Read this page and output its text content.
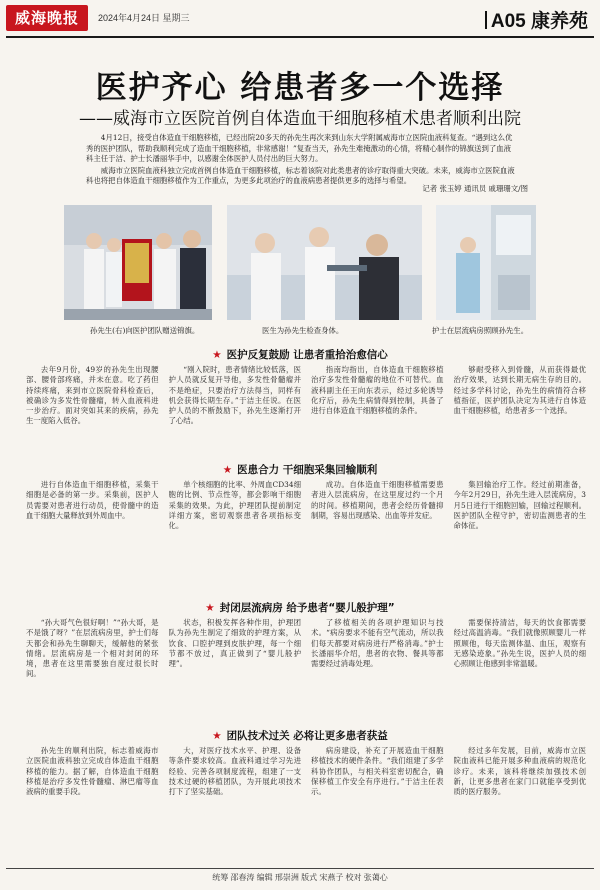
威海晚报	2024年4月24日 星期三	A05 康养苑
医护齐心 给患者多一个选择
——威海市立医院首例自体造血干细胞移植术患者顺利出院

4月12日，接受自体造血干细胞移植，已经出院20多天的孙先生再次来到山东大学附属威海市立医院血液科复查。“遇到这么优秀的医护团队，帮助我顺利完成了造血干细胞移植，非常感谢！”复查当天，孙先生难掩激动的心情，将精心制作的锦旗送到了血液科主任于洁、护士长潘丽华手中，以感谢全体医护人员付出的巨大努力。

威海市立医院血液科独立完成首例自体造血干细胞移植，标志着该院对此类患者的诊疗取得重大突破。未来，威海市立医院血液科也将把自体造血干细胞移植作为工作重点，为更多此项治疗的血液病患者提供更多的选择与希望。

记者 张玉婷 通讯员 戚珊珊文/图
孙先生(右)向医护团队赠送锦旗。	医生为孙先生检查身体。	护士在层流病房照顾孙先生。
★ 医护反复鼓励 让患者重拾治愈信心
去年9月份，49岁的孙先生出现腰部、腰骨部疼痛，并未在意。吃了药但持续疼痛，来到市立医院骨科检查后，被确诊为多发性骨髓瘤，转入血液科进一步治疗。面对突如其来的疾病，孙先生一度陷入低谷。
“刚入院时，患者情绪比较低落，医护人员就反复开导他，多发性骨髓瘤并不是绝症，只要治疗方法得当，同样有机会获得长期生存。”于洁主任说。在医护人员的不断鼓励下，孙先生逐渐打开了心结。
指南均指出，自体造血干细胞移植治疗多发性骨髓瘤的地位不可替代。血液科副主任王向东表示，经过多轮诱导化疗后，孙先生病情得到控制，具备了进行自体造血干细胞移植的条件。
够耐受移入到骨髓，从而获得最优治疗效果，达到长期无病生存的目的。经过多学科讨论，孙先生的病情符合移植指征，医护团队决定为其进行自体造血干细胞移植，给患者多一个选择。
★ 医患合力 干细胞采集回输顺利
进行自体造血干细胞移植，采集干细胞是必备的第一步。采集前，医护人员需要对患者进行动员，使骨髓中的造血干细胞大量释放到外周血中。
单个核细胞的比率、外周血CD34细胞的比例、节点性等，都会影响干细胞采集的效果。为此，护理团队提前制定详细方案，密切观察患者各项指标变化。
成功。自体造血干细胞移植需要患者进入层流病房，在这里度过约一个月的时间。移植期间，患者会经历骨髓抑制期，容易出现感染、出血等并发症。
集回输治疗工作。经过前期准备，今年2月29日，孙先生进入层流病房，3月5日进行干细胞回输，回输过程顺利。医护团队全程守护，密切监测患者的生命体征。
★ 封闭层流病房 给予患者“婴儿般护理”
“孙大哥气色很好啊！”“孙大哥，是不是饿了呀？”在层流病房里，护士们每天都会和孙先生聊聊天，缓解他的紧张情绪。层流病房是一个相对封闭的环境，患者在这里需要独自度过很长时间。
状态，积极发挥各种作用，护理团队为孙先生制定了细致的护理方案，从饮食、口腔护理到皮肤护理，每一个细节都不放过，真正做到了“婴儿般护理”。
了移植相关的各项护理知识与技术。“病房要求不能有空气流动，所以我们每天都要对病房进行严格消毒。”护士长潘丽华介绍，患者的衣物、餐具等都需要经过消毒处理。
需要保持清洁，每天的饮食都需要经过高温消毒。“我们就像照顾婴儿一样照顾他，每天监测体温、血压，观察有无感染迹象。”孙先生说，医护人员的细心照顾让他感到非常温暖。
★ 团队技术过关 必将让更多患者获益
孙先生的顺利出院，标志着威海市立医院血液科独立完成自体造血干细胞移植的能力。据了解，自体造血干细胞移植是治疗多发性骨髓瘤、淋巴瘤等血液病的重要手段。
大，对医疗技术水平、护理、设备等条件要求较高。血液科通过学习先进经验、完善各项制度流程，组建了一支技术过硬的移植团队，为开展此项技术打下了坚实基础。
病房建设，补充了开展造血干细胞移植技术的硬件条件。“我们组建了多学科协作团队，与相关科室密切配合，确保移植工作安全有序进行。”于洁主任表示。
经过多年发展，目前，威海市立医院血液科已能开展多种血液病的规范化诊疗。未来，该科将继续加强技术创新，让更多患者在家门口就能享受到优质的医疗服务。
统筹 邵春涛 编辑 邢崇洲 版式 宋燕子 校对 张蔼心
